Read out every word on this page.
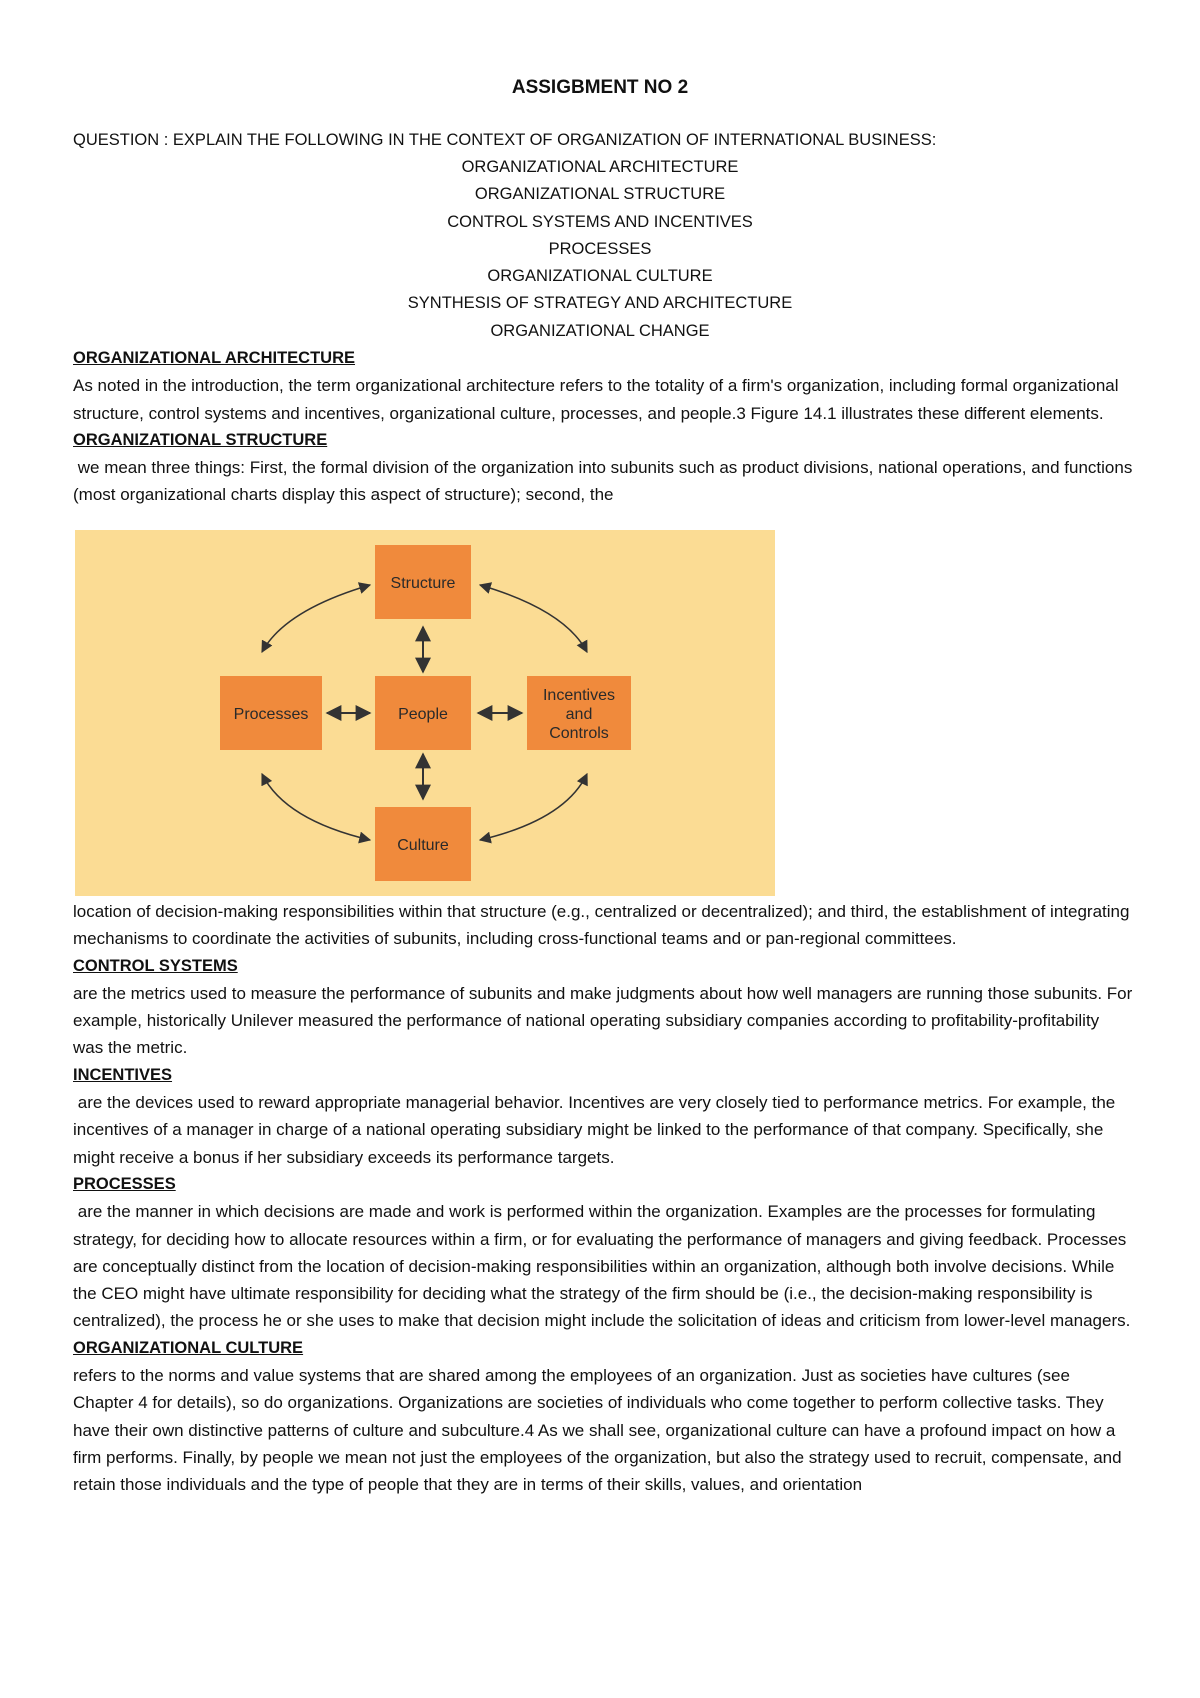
ASSIGBMENT NO 2
QUESTION : EXPLAIN THE FOLLOWING IN THE CONTEXT OF ORGANIZATION OF INTERNATIONAL BUSINESS:
ORGANIZATIONAL ARCHITECTURE
ORGANIZATIONAL STRUCTURE
CONTROL SYSTEMS AND INCENTIVES
PROCESSES
ORGANIZATIONAL CULTURE
SYNTHESIS OF STRATEGY AND ARCHITECTURE
ORGANIZATIONAL CHANGE
ORGANIZATIONAL ARCHITECTURE
As noted in the introduction, the term organizational architecture refers to the totality of a firm's organization, including formal organizational structure, control systems and incentives, organizational culture, processes, and people.3 Figure 14.1 illustrates these different elements.
ORGANIZATIONAL STRUCTURE
we mean three things: First, the formal division of the organization into subunits such as product divisions, national operations, and functions (most organizational charts display this aspect of structure); second, the
Structure
Processes	People
Incentives
and
Controls
Culture
location of decision-making responsibilities within that structure (e.g., centralized or decentralized); and third, the establishment of integrating mechanisms to coordinate the activities of subunits, including cross-functional teams and or pan-regional committees.
CONTROL SYSTEMS
are the metrics used to measure the performance of subunits and make judgments about how well managers are running those subunits. For example, historically Unilever measured the performance of national operating subsidiary companies according to profitability-profitability was the metric.
INCENTIVES
are the devices used to reward appropriate managerial behavior. Incentives are very closely tied to performance metrics. For example, the incentives of a manager in charge of a national operating subsidiary might be linked to the performance of that company. Specifically, she might receive a bonus if her subsidiary exceeds its performance targets.
PROCESSES
are the manner in which decisions are made and work is performed within the organization. Examples are the processes for formulating strategy, for deciding how to allocate resources within a firm, or for evaluating the performance of managers and giving feedback. Processes are conceptually distinct from the location of decision-making responsibilities within an organization, although both involve decisions. While the CEO might have ultimate responsibility for deciding what the strategy of the firm should be (i.e., the decision-making responsibility is centralized), the process he or she uses to make that decision might include the solicitation of ideas and criticism from lower-level managers.
ORGANIZATIONAL CULTURE
refers to the norms and value systems that are shared among the employees of an organization. Just as societies have cultures (see Chapter 4 for details), so do organizations. Organizations are societies of individuals who come together to perform collective tasks. They have their own distinctive patterns of culture and subculture.4 As we shall see, organizational culture can have a profound impact on how a firm performs. Finally, by people we mean not just the employees of the organization, but also the strategy used to recruit, compensate, and retain those individuals and the type of people that they are in terms of their skills, values, and orientation
